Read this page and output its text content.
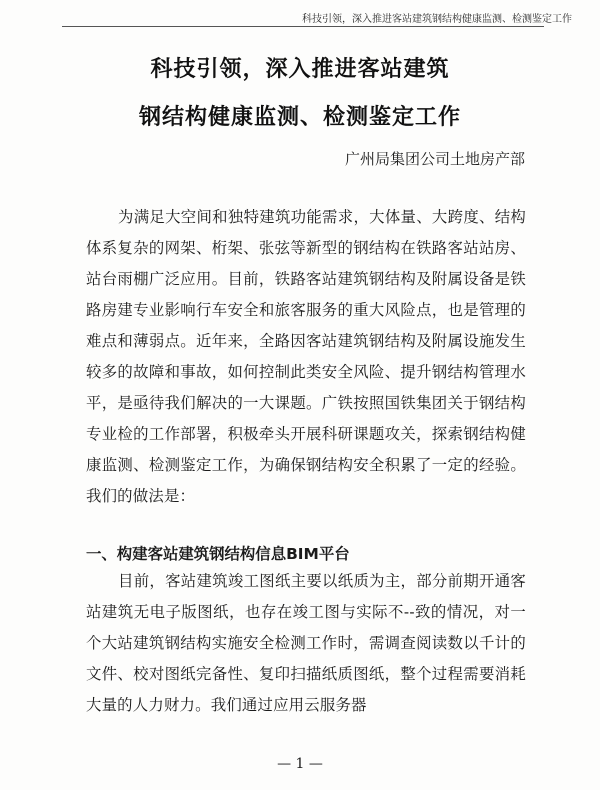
科技引领，深入推进客站建筑钢结构健康监测、检测鉴定工作
科技引领，深入推进客站建筑
钢结构健康监测、检测鉴定工作
广州局集团公司土地房产部
为满足大空间和独特建筑功能需求，大体量、大跨度、结构体系复杂的网架、桁架、张弦等新型的钢结构在铁路客站站房、站台雨棚广泛应用。目前，铁路客站建筑钢结构及附属设备是铁路房建专业影响行车安全和旅客服务的重大风险点，也是管理的难点和薄弱点。近年来，全路因客站建筑钢结构及附属设施发生较多的故障和事故，如何控制此类安全风险、提升钢结构管理水平，是亟待我们解决的一大课题。广铁按照国铁集团关于钢结构专业检的工作部署，积极牵头开展科研课题攻关，探索钢结构健康监测、检测鉴定工作，为确保钢结构安全积累了一定的经验。我们的做法是：
一、构建客站建筑钢结构信息BIM平台
目前，客站建筑竣工图纸主要以纸质为主，部分前期开通客站建筑无电子版图纸，也存在竣工图与实际不--致的情况，对一个大站建筑钢结构实施安全检测工作时，需调查阅读数以千计的文件、校对图纸完备性、复印扫描纸质图纸，整个过程需要消耗大量的人力财力。我们通过应用云服务器
— 1 —
